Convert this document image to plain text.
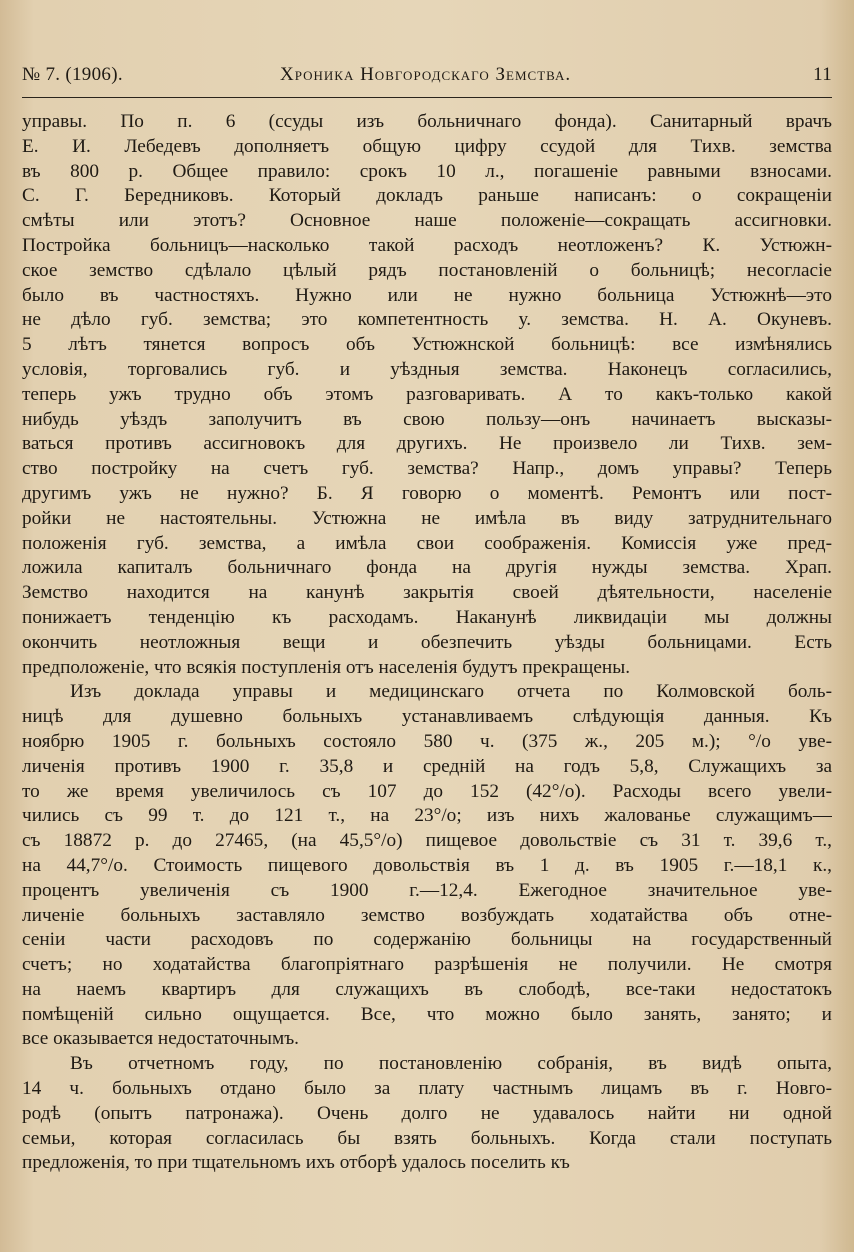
№ 7. (1906).	Хроника Новгородскаго Земства.	11
управы. По п. 6 (ссуды изъ больничнаго фонда). Санитарный врачъ
Е. И. Лебедевъ дополняетъ общую цифру ссудой для Тихв. земства
въ 800 р. Общее правило: срокъ 10 л., погашеніе равными взносами.
С. Г. Бередниковъ. Который докладъ раньше написанъ: о сокращеніи
смѣты или этотъ? Основное наше положеніе—сокращать ассигновки.
Постройка больницъ—насколько такой расходъ неотложенъ? К. Устюжн-
ское земство сдѣлало цѣлый рядъ постановленій о больницѣ; несогласіе
было въ частностяхъ. Нужно или не нужно больница Устюжнѣ—это
не дѣло губ. земства; это компетентность у. земства. Н. А. Окуневъ.
5 лѣтъ тянется вопросъ объ Устюжнской больницѣ: все измѣнялись
условія, торговались губ. и уѣздныя земства. Наконецъ согласились,
теперь ужъ трудно объ этомъ разговаривать. А то какъ-только какой
нибудь уѣздъ заполучитъ въ свою пользу—онъ начинаетъ высказы-
ваться противъ ассигновокъ для другихъ. Не произвело ли Тихв. зем-
ство постройку на счетъ губ. земства? Напр., домъ управы? Теперь
другимъ ужъ не нужно? Б. Я говорю о моментѣ. Ремонтъ или пост-
ройки не настоятельны. Устюжна не имѣла въ виду затруднительнаго
положенія губ. земства, а имѣла свои соображенія. Комиссія уже пред-
ложила капиталъ больничнаго фонда на другія нужды земства. Храп.
Земство находится на канунѣ закрытія своей дѣятельности, населеніе
понижаетъ тенденцію къ расходамъ. Наканунѣ ликвидаціи мы должны
окончить неотложныя вещи и обезпечить уѣзды больницами. Есть
предположеніе, что всякія поступленія отъ населенія будутъ прекращены.
Изъ доклада управы и медицинскаго отчета по Колмовской боль-
ницѣ для душевно больныхъ устанавливаемъ слѣдующія данныя. Къ
ноябрю 1905 г. больныхъ состояло 580 ч. (375 ж., 205 м.); °/о уве-
личенія противъ 1900 г. 35,8 и средній на годъ 5,8, Служащихъ за
то же время увеличилось съ 107 до 152 (42°/о). Расходы всего увели-
чились съ 99 т. до 121 т., на 23°/о; изъ нихъ жалованье служащимъ—
съ 18872 р. до 27465, (на 45,5°/о) пищевое довольствіе съ 31 т. 39,6 т.,
на 44,7°/о. Стоимость пищевого довольствія въ 1 д. въ 1905 г.—18,1 к.,
процентъ увеличенія съ 1900 г.—12,4. Ежегодное значительное уве-
личеніе больныхъ заставляло земство возбуждать ходатайства объ отне-
сеніи части расходовъ по содержанію больницы на государственный
счетъ; но ходатайства благопріятнаго разрѣшенія не получили. Не смотря
на наемъ квартиръ для служащихъ въ слободѣ, все-таки недостатокъ
помѣщеній сильно ощущается. Все, что можно было занять, занято; и
все оказывается недостаточнымъ.
Въ отчетномъ году, по постановленію собранія, въ видѣ опыта,
14 ч. больныхъ отдано было за плату частнымъ лицамъ въ г. Новго-
родѣ (опытъ патронажа). Очень долго не удавалось найти ни одной
семьи, которая согласилась бы взять больныхъ. Когда стали поступать
предложенія, то при тщательномъ ихъ отборѣ удалось поселить къ
